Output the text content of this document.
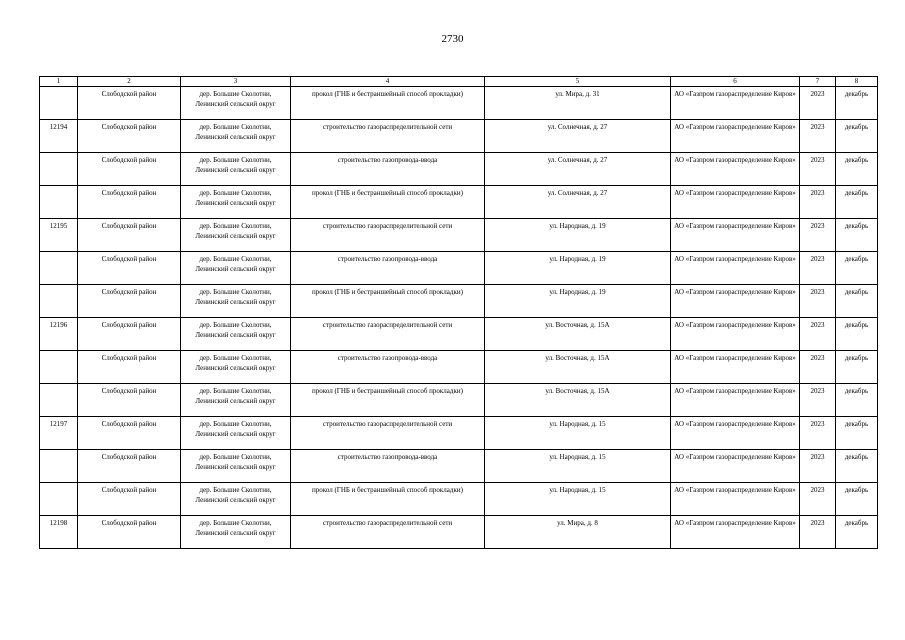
2730
1	2	3	4	5	6	7	8
	Слободской район	дер. Большие Сколотни, Ленинский сельский округ	прокол (ГНБ и бестраншейный способ прокладки)	ул. Мира, д. 31	АО «Газпром газораспределение Киров»	2023	декабрь
12194	Слободской район	дер. Большие Сколотни, Ленинский сельский округ	строительство газораспределительной сети	ул. Солнечная, д. 27	АО «Газпром газораспределение Киров»	2023	декабрь
	Слободской район	дер. Большие Сколотни, Ленинский сельский округ	строительство газопровода-ввода	ул. Солнечная, д. 27	АО «Газпром газораспределение Киров»	2023	декабрь
	Слободской район	дер. Большие Сколотни, Ленинский сельский округ	прокол (ГНБ и бестраншейный способ прокладки)	ул. Солнечная, д. 27	АО «Газпром газораспределение Киров»	2023	декабрь
12195	Слободской район	дер. Большие Сколотни, Ленинский сельский округ	строительство газораспределительной сети	ул. Народная, д. 19	АО «Газпром газораспределение Киров»	2023	декабрь
	Слободской район	дер. Большие Сколотни, Ленинский сельский округ	строительство газопровода-ввода	ул. Народная, д. 19	АО «Газпром газораспределение Киров»	2023	декабрь
	Слободской район	дер. Большие Сколотни, Ленинский сельский округ	прокол (ГНБ и бестраншейный способ прокладки)	ул. Народная, д. 19	АО «Газпром газораспределение Киров»	2023	декабрь
12196	Слободской район	дер. Большие Сколотни, Ленинский сельский округ	строительство газораспределительной сети	ул. Восточная, д. 15А	АО «Газпром газораспределение Киров»	2023	декабрь
	Слободской район	дер. Большие Сколотни, Ленинский сельский округ	строительство газопровода-ввода	ул. Восточная, д. 15А	АО «Газпром газораспределение Киров»	2023	декабрь
	Слободской район	дер. Большие Сколотни, Ленинский сельский округ	прокол (ГНБ и бестраншейный способ прокладки)	ул. Восточная, д. 15А	АО «Газпром газораспределение Киров»	2023	декабрь
12197	Слободской район	дер. Большие Сколотни, Ленинский сельский округ	строительство газораспределительной сети	ул. Народная, д. 15	АО «Газпром газораспределение Киров»	2023	декабрь
	Слободской район	дер. Большие Сколотни, Ленинский сельский округ	строительство газопровода-ввода	ул. Народная, д. 15	АО «Газпром газораспределение Киров»	2023	декабрь
	Слободской район	дер. Большие Сколотни, Ленинский сельский округ	прокол (ГНБ и бестраншейный способ прокладки)	ул. Народная, д. 15	АО «Газпром газораспределение Киров»	2023	декабрь
12198	Слободской район	дер. Большие Сколотни, Ленинский сельский округ	строительство газораспределительной сети	ул. Мира, д. 8	АО «Газпром газораспределение Киров»	2023	декабрь
